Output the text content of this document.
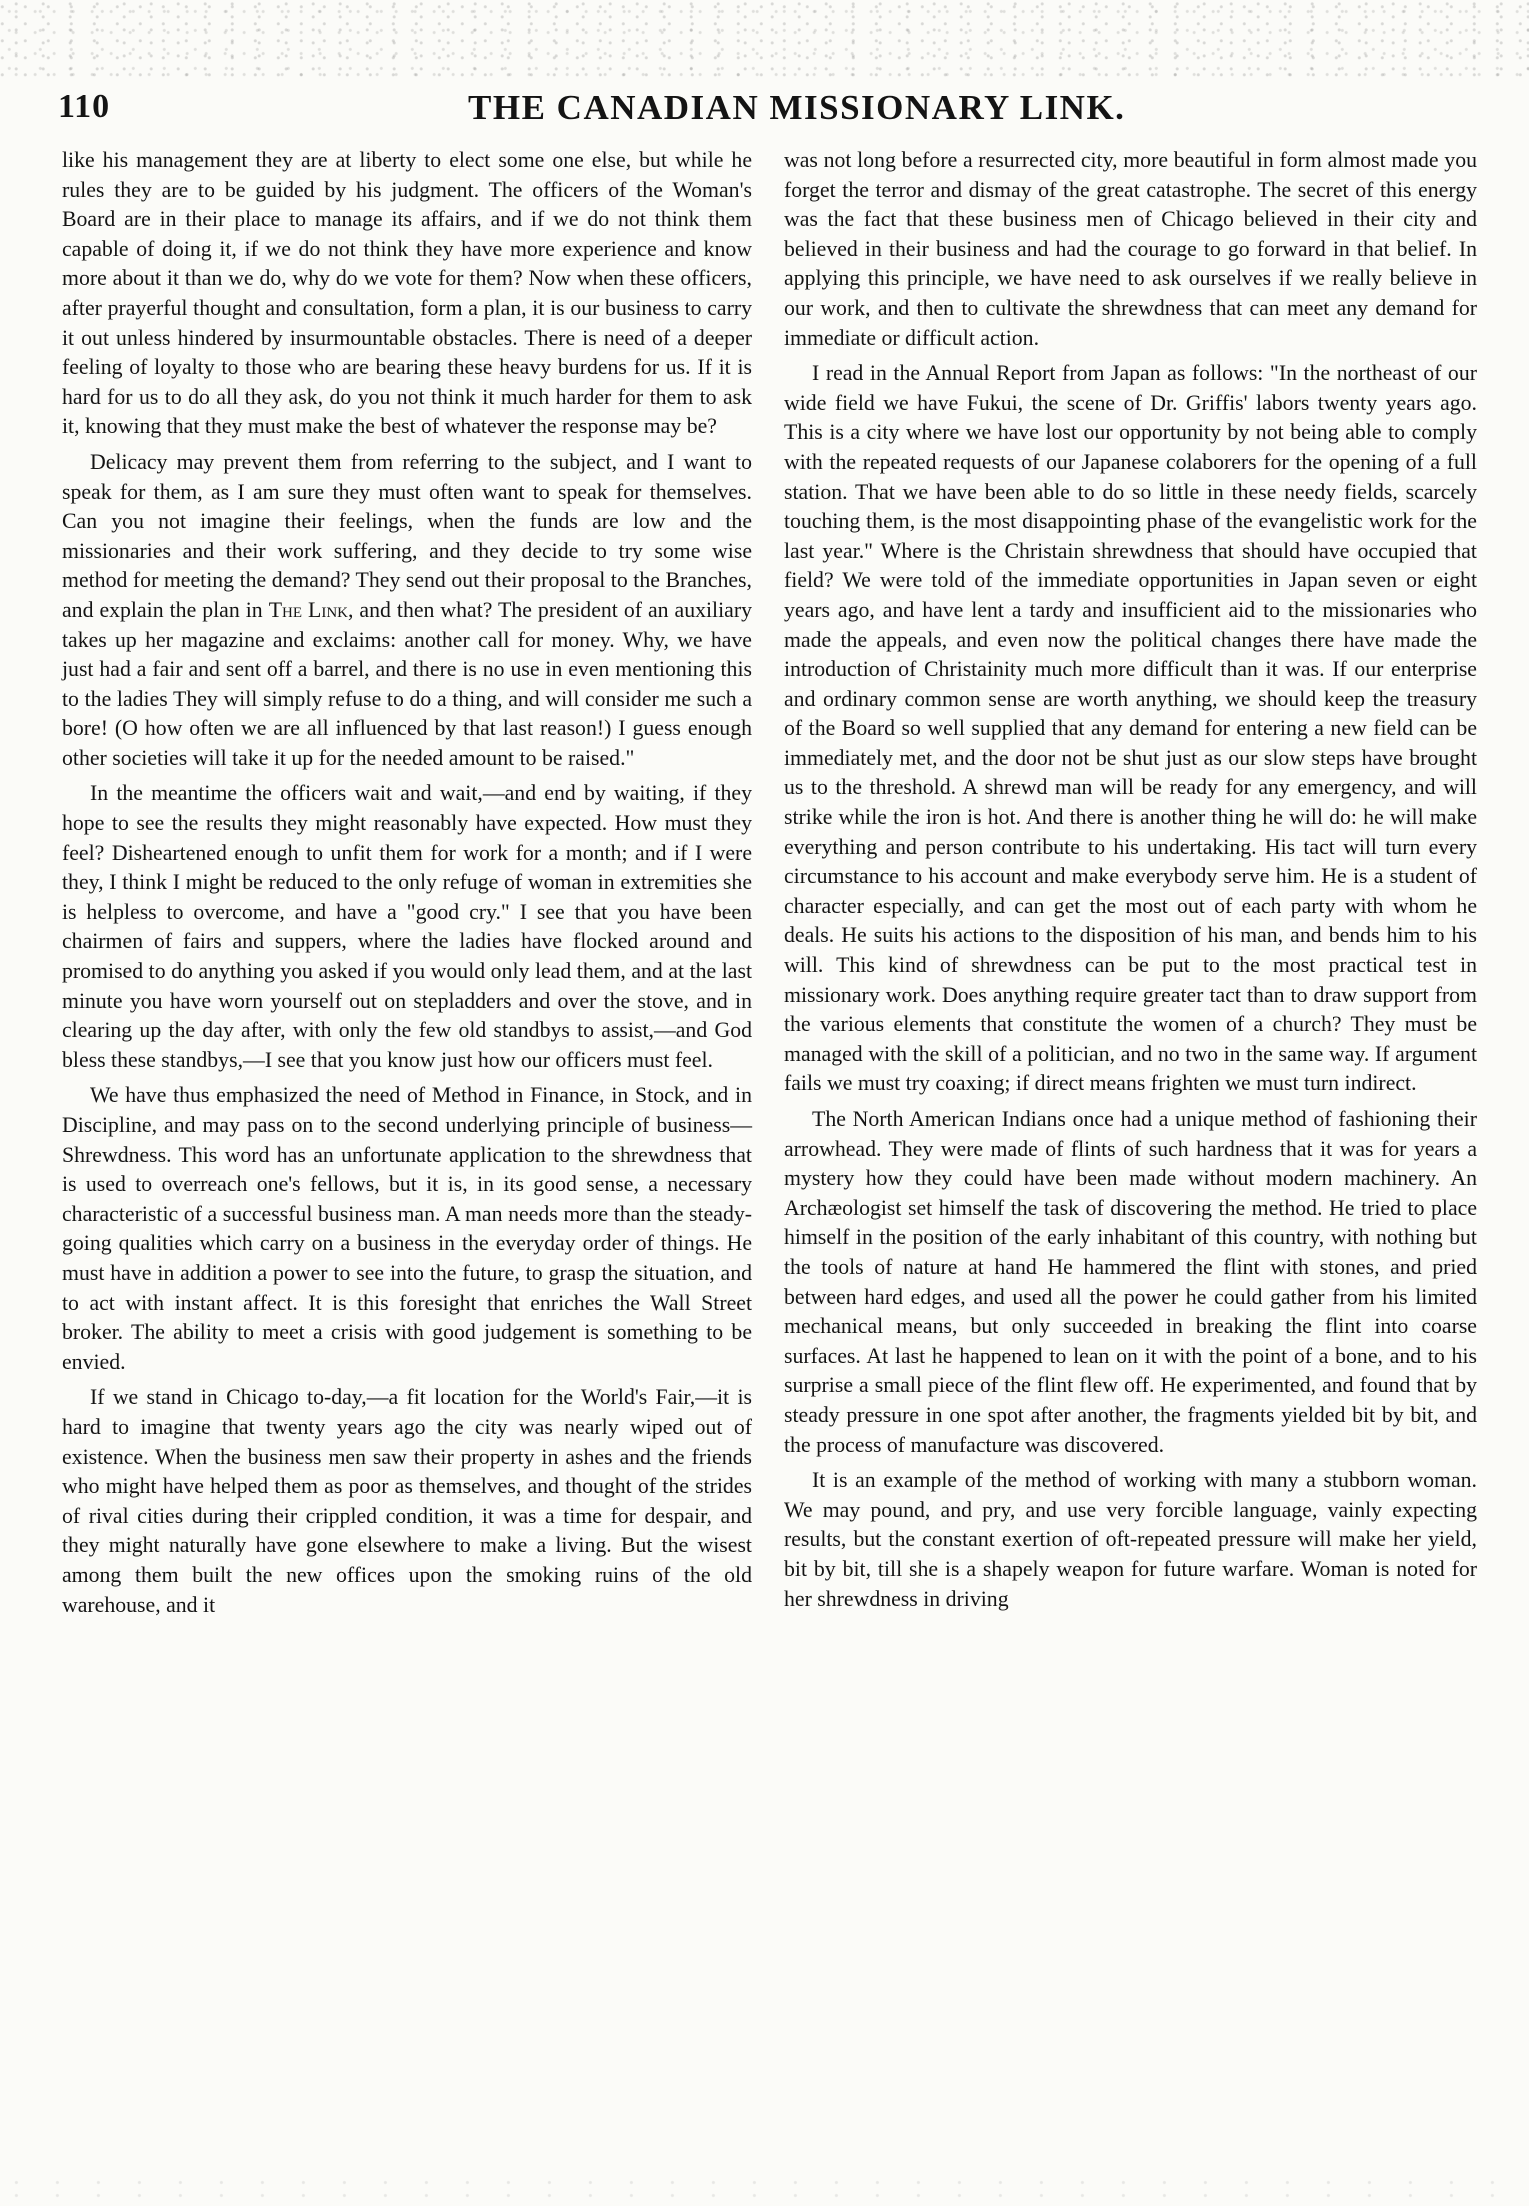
110	THE CANADIAN MISSIONARY LINK.

like his management they are at liberty to elect some one else, but while he rules they are to be guided by his judgment. The officers of the Woman's Board are in their place to manage its affairs, and if we do not think them capable of doing it, if we do not think they have more experience and know more about it than we do, why do we vote for them? Now when these officers, after prayerful thought and consultation, form a plan, it is our business to carry it out unless hindered by insurmountable obstacles. There is need of a deeper feeling of loyalty to those who are bearing these heavy burdens for us. If it is hard for us to do all they ask, do you not think it much harder for them to ask it, knowing that they must make the best of whatever the response may be?

Delicacy may prevent them from referring to the subject, and I want to speak for them, as I am sure they must often want to speak for themselves. Can you not imagine their feelings, when the funds are low and the missionaries and their work suffering, and they decide to try some wise method for meeting the demand? They send out their proposal to the Branches, and explain the plan in The Link, and then what? The president of an auxiliary takes up her magazine and exclaims: another call for money. Why, we have just had a fair and sent off a barrel, and there is no use in even mentioning this to the ladies They will simply refuse to do a thing, and will consider me such a bore! (O how often we are all influenced by that last reason!) I guess enough other societies will take it up for the needed amount to be raised."

In the meantime the officers wait and wait,—and end by waiting, if they hope to see the results they might reasonably have expected. How must they feel? Disheartened enough to unfit them for work for a month; and if I were they, I think I might be reduced to the only refuge of woman in extremities she is helpless to overcome, and have a "good cry." I see that you have been chairmen of fairs and suppers, where the ladies have flocked around and promised to do anything you asked if you would only lead them, and at the last minute you have worn yourself out on stepladders and over the stove, and in clearing up the day after, with only the few old standbys to assist,—and God bless these standbys,—I see that you know just how our officers must feel.

We have thus emphasized the need of Method in Finance, in Stock, and in Discipline, and may pass on to the second underlying principle of business—Shrewdness. This word has an unfortunate application to the shrewdness that is used to overreach one's fellows, but it is, in its good sense, a necessary characteristic of a successful business man. A man needs more than the steady-going qualities which carry on a business in the everyday order of things. He must have in addition a power to see into the future, to grasp the situation, and to act with instant affect. It is this foresight that enriches the Wall Street broker. The ability to meet a crisis with good judgement is something to be envied.

If we stand in Chicago to-day,—a fit location for the World's Fair,—it is hard to imagine that twenty years ago the city was nearly wiped out of existence. When the business men saw their property in ashes and the friends who might have helped them as poor as themselves, and thought of the strides of rival cities during their crippled condition, it was a time for despair, and they might naturally have gone elsewhere to make a living. But the wisest among them built the new offices upon the smoking ruins of the old warehouse, and it

was not long before a resurrected city, more beautiful in form almost made you forget the terror and dismay of the great catastrophe. The secret of this energy was the fact that these business men of Chicago believed in their city and believed in their business and had the courage to go forward in that belief. In applying this principle, we have need to ask ourselves if we really believe in our work, and then to cultivate the shrewdness that can meet any demand for immediate or difficult action.

I read in the Annual Report from Japan as follows: "In the northeast of our wide field we have Fukui, the scene of Dr. Griffis' labors twenty years ago. This is a city where we have lost our opportunity by not being able to comply with the repeated requests of our Japanese colaborers for the opening of a full station. That we have been able to do so little in these needy fields, scarcely touching them, is the most disappointing phase of the evangelistic work for the last year." Where is the Christain shrewdness that should have occupied that field? We were told of the immediate opportunities in Japan seven or eight years ago, and have lent a tardy and insufficient aid to the missionaries who made the appeals, and even now the political changes there have made the introduction of Christainity much more difficult than it was. If our enterprise and ordinary common sense are worth anything, we should keep the treasury of the Board so well supplied that any demand for entering a new field can be immediately met, and the door not be shut just as our slow steps have brought us to the threshold. A shrewd man will be ready for any emergency, and will strike while the iron is hot. And there is another thing he will do: he will make everything and person contribute to his undertaking. His tact will turn every circumstance to his account and make everybody serve him. He is a student of character especially, and can get the most out of each party with whom he deals. He suits his actions to the disposition of his man, and bends him to his will. This kind of shrewdness can be put to the most practical test in missionary work. Does anything require greater tact than to draw support from the various elements that constitute the women of a church? They must be managed with the skill of a politician, and no two in the same way. If argument fails we must try coaxing; if direct means frighten we must turn indirect.

The North American Indians once had a unique method of fashioning their arrowhead. They were made of flints of such hardness that it was for years a mystery how they could have been made without modern machinery. An Archæologist set himself the task of discovering the method. He tried to place himself in the position of the early inhabitant of this country, with nothing but the tools of nature at hand He hammered the flint with stones, and pried between hard edges, and used all the power he could gather from his limited mechanical means, but only succeeded in breaking the flint into coarse surfaces. At last he happened to lean on it with the point of a bone, and to his surprise a small piece of the flint flew off. He experimented, and found that by steady pressure in one spot after another, the fragments yielded bit by bit, and the process of manufacture was discovered.

It is an example of the method of working with many a stubborn woman. We may pound, and pry, and use very forcible language, vainly expecting results, but the constant exertion of oft-repeated pressure will make her yield, bit by bit, till she is a shapely weapon for future warfare. Woman is noted for her shrewdness in driving
